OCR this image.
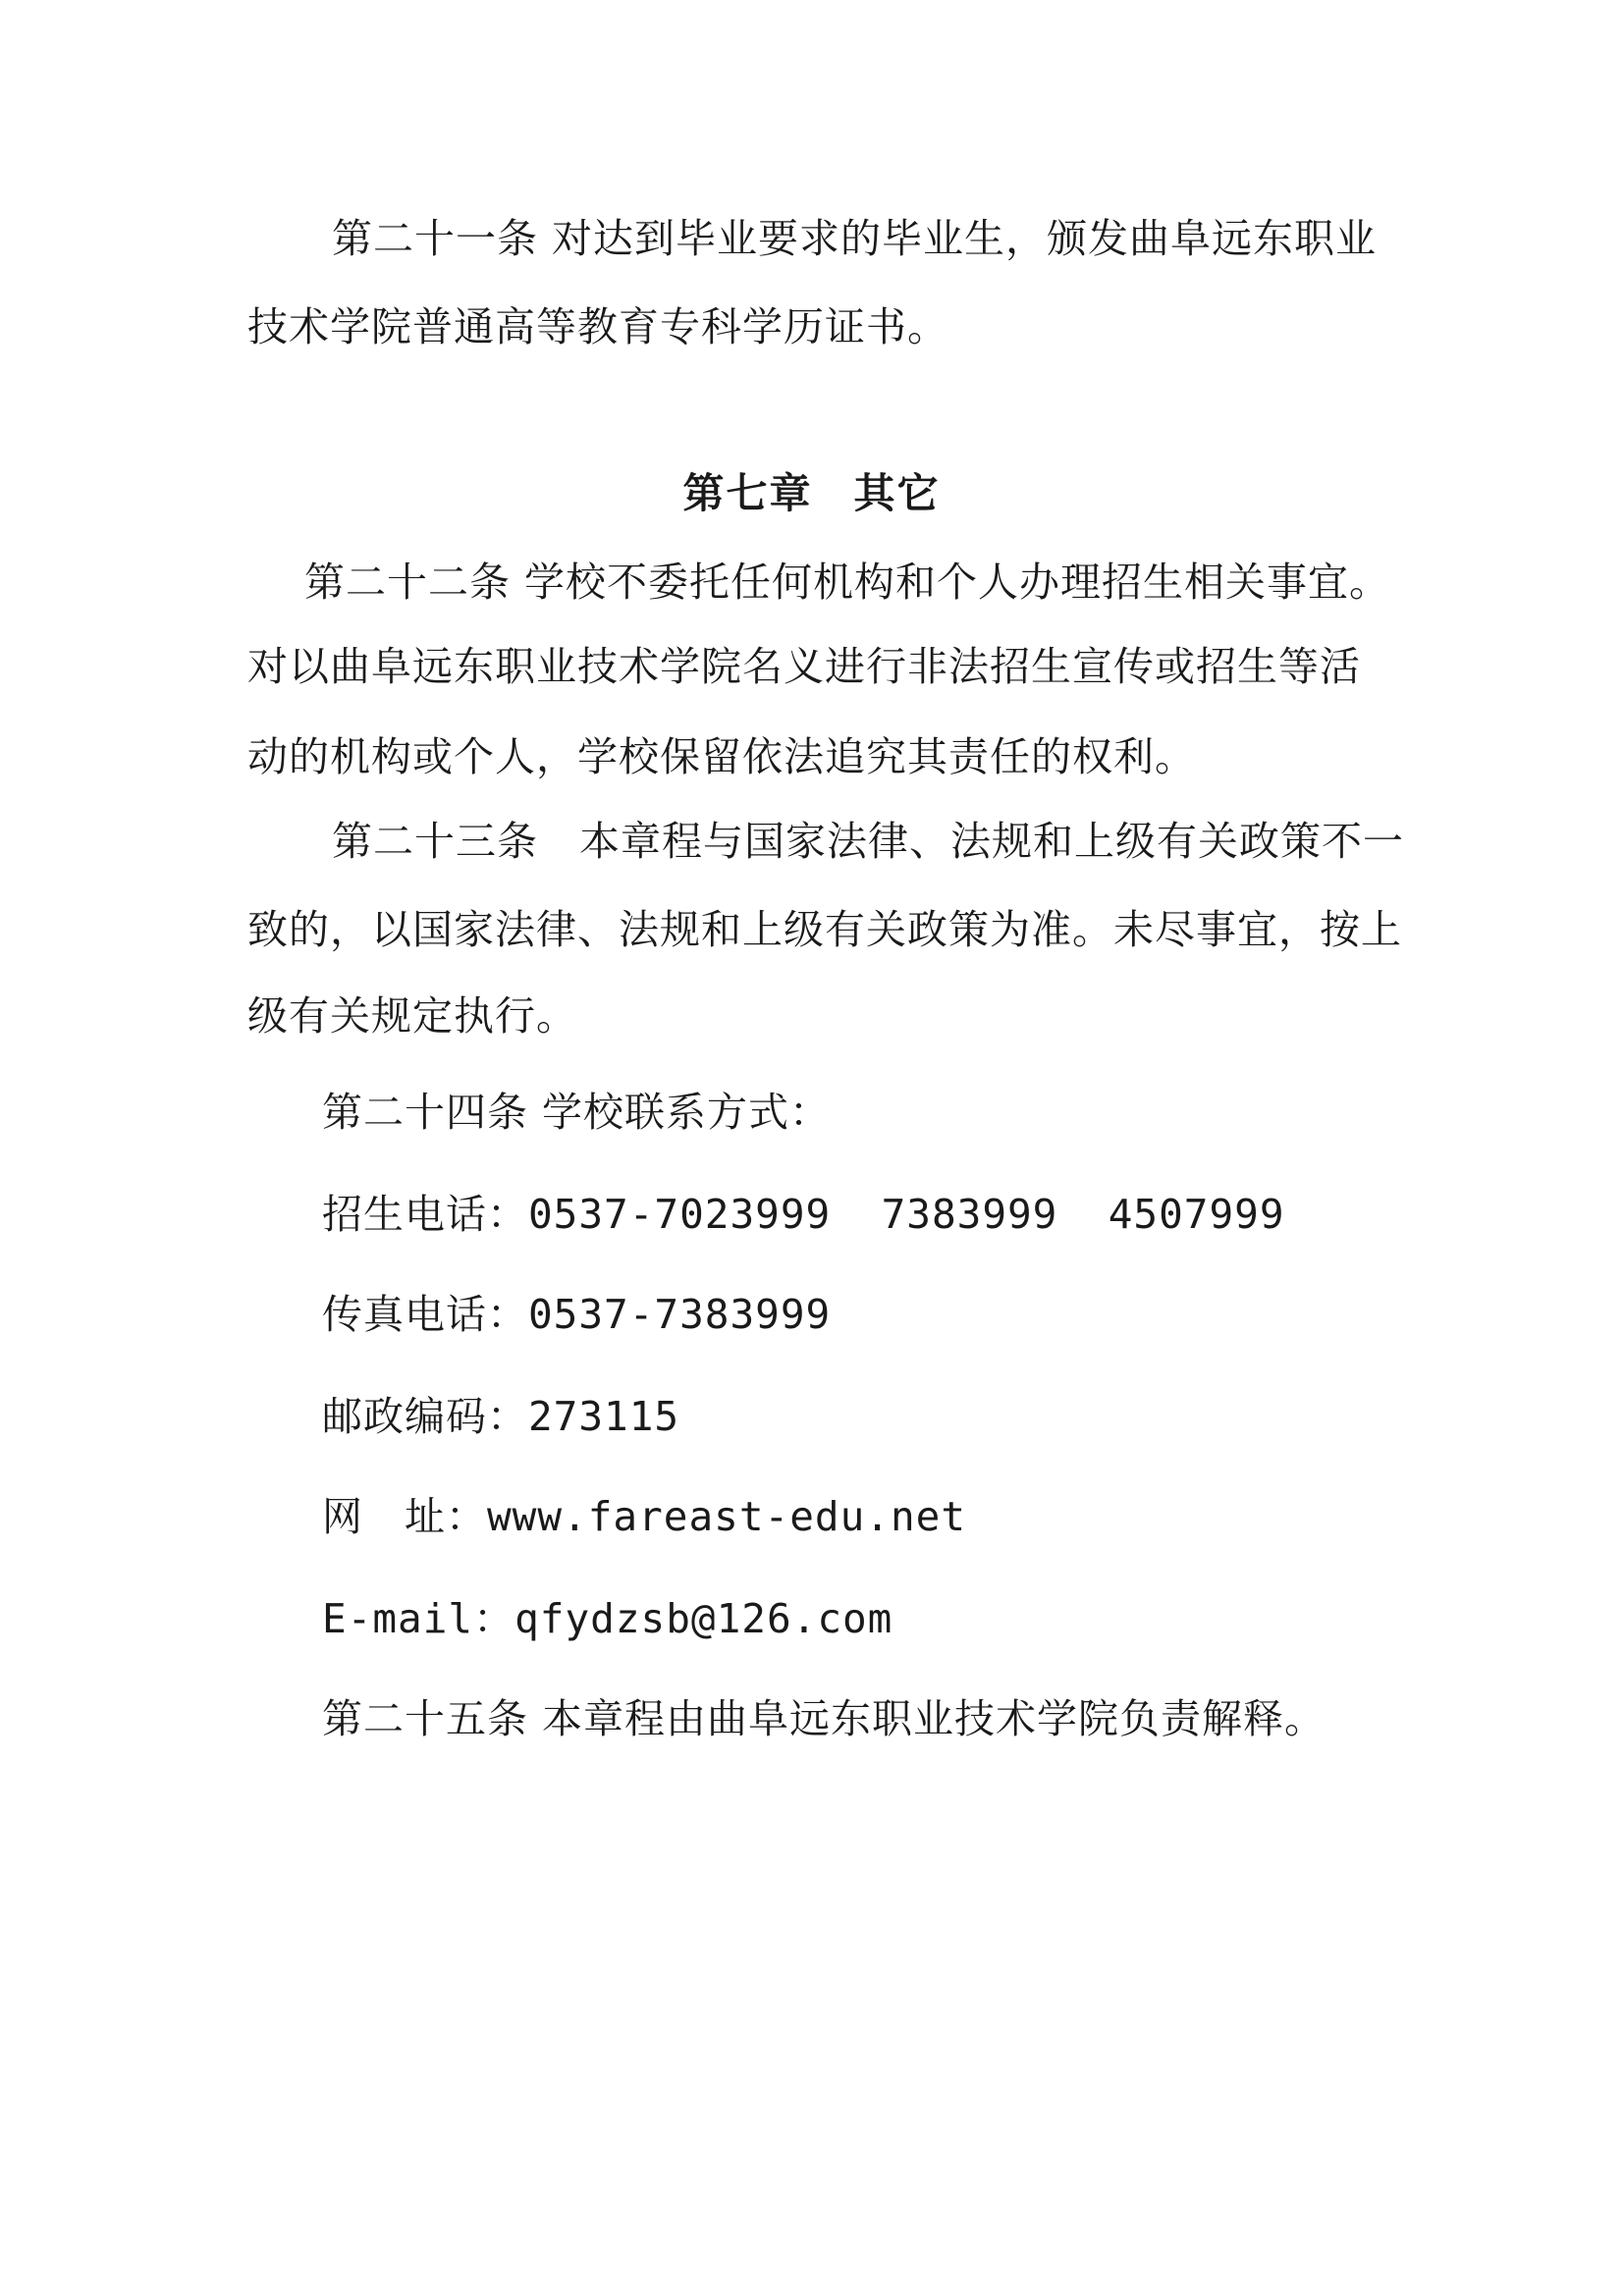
第二十一条 对达到毕业要求的毕业生，颁发曲阜远东职业
技术学院普通高等教育专科学历证书。
第七章 其它
第二十二条 学校不委托任何机构和个人办理招生相关事宜。
对以曲阜远东职业技术学院名义进行非法招生宣传或招生等活
动的机构或个人，学校保留依法追究其责任的权利。
第二十三条　本章程与国家法律、法规和上级有关政策不一
致的，以国家法律、法规和上级有关政策为准。未尽事宜，按上
级有关规定执行。
第二十四条 学校联系方式：
招生电话：0537-7023999  7383999  4507999
传真电话：0537-7383999
邮政编码：273115
网　址：www.fareast-edu.net
E-mail：qfydzsb@126.com
第二十五条 本章程由曲阜远东职业技术学院负责解释。
